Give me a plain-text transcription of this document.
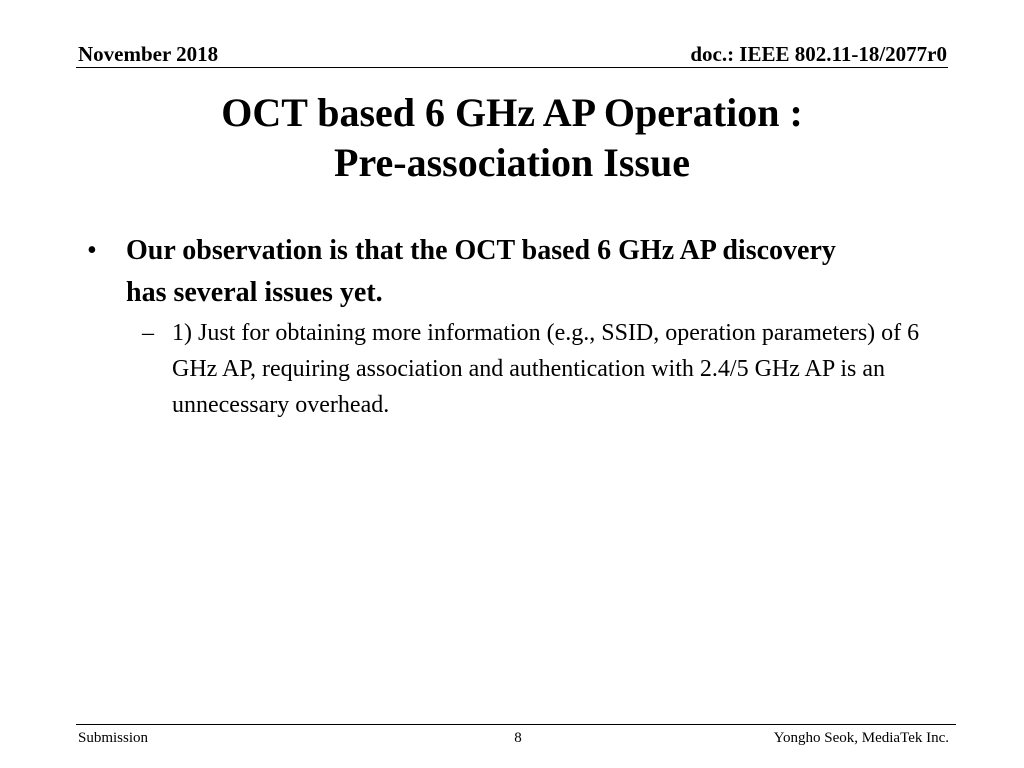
November 2018	doc.: IEEE 802.11-18/2077r0
OCT based 6 GHz AP Operation :
Pre-association Issue
• Our observation is that the OCT based 6 GHz AP discovery has several issues yet.
– 1) Just for obtaining more information (e.g., SSID, operation parameters) of 6 GHz AP, requiring association and authentication with 2.4/5 GHz AP is an unnecessary overhead.
Submission	8	Yongho Seok, MediaTek Inc.
